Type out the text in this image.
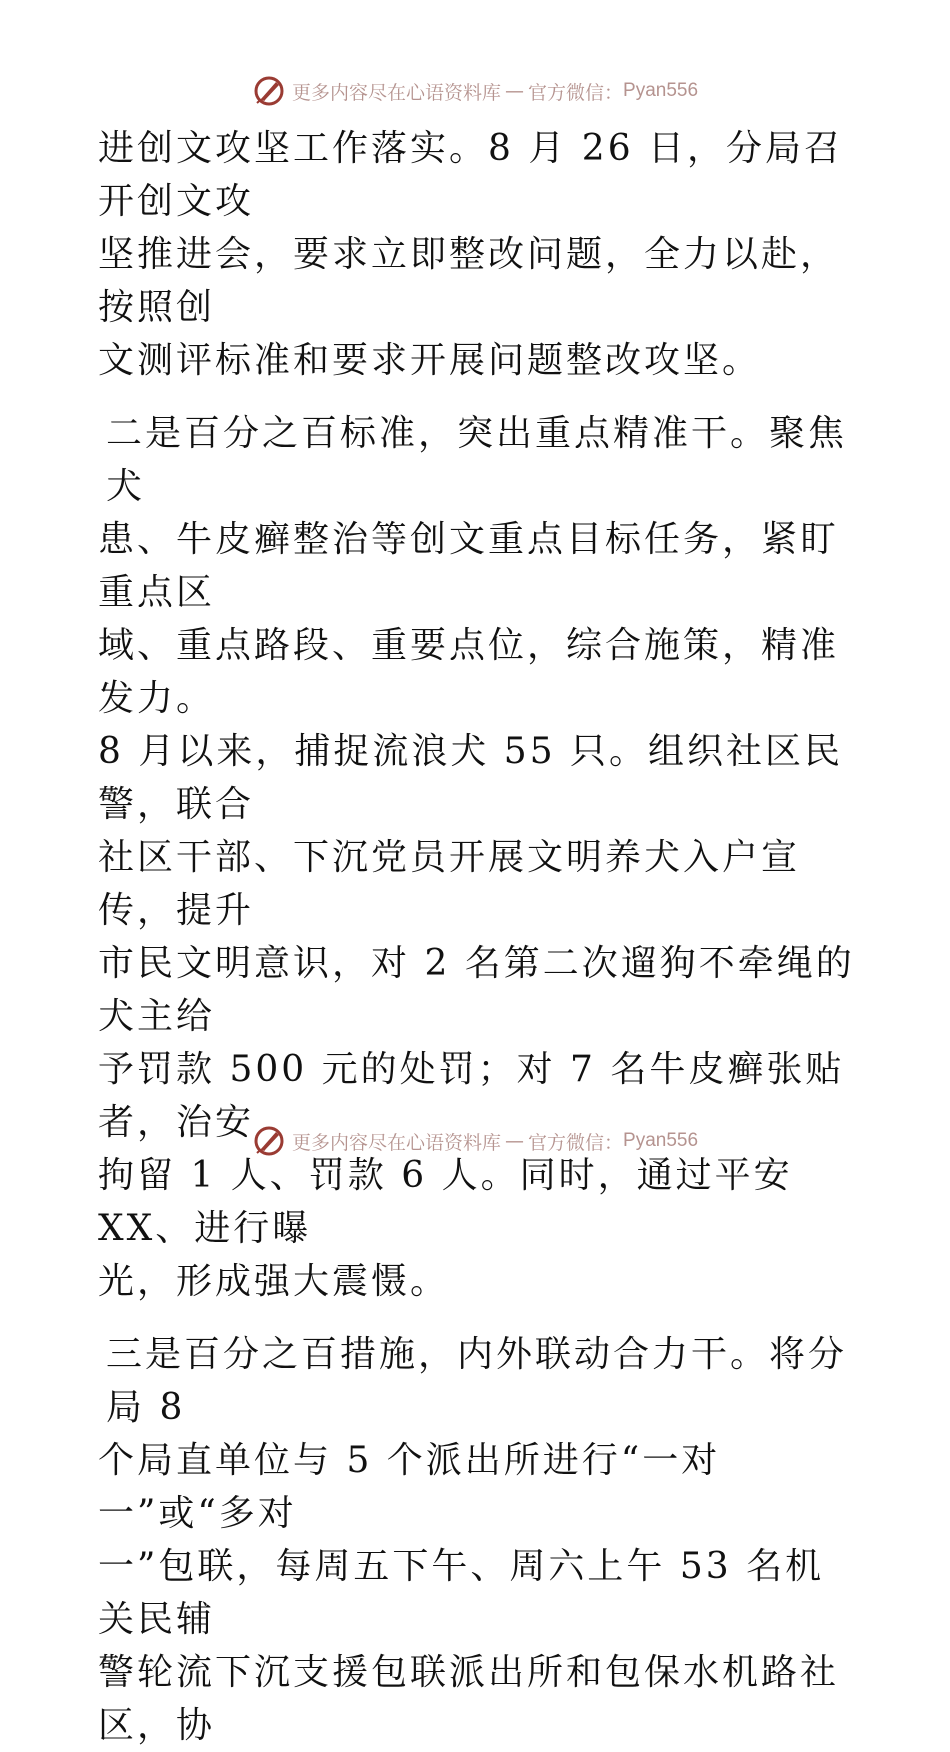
更多内容尽在心语资料库 — 官方微信 ： Pyan556

进创文攻坚工作落实。8 月 26 日，分局召开创文攻

坚推进会，要求立即整改问题，全力以赴，按照创

文测评标准和要求开展问题整改攻坚。

二是百分之百标准，突出重点精准干。聚焦犬

患、牛皮癣整治等创文重点目标任务，紧盯重点区

域、重点路段、重要点位，综合施策，精准发力。

8 月以来，捕捉流浪犬 55 只。组织社区民警，联合

社区干部、下沉党员开展文明养犬入户宣传，提升

市民文明意识，对 2 名第二次遛狗不牵绳的犬主给

予罚款 500 元的处罚；对 7 名牛皮癣张贴者，治安

拘留 1 人、罚款 6 人。同时，通过平安 XX、进行曝

光，形成强大震慑。

三是百分之百措施，内外联动合力干。将分局 8

个局直单位与 5 个派出所进行“一对一”或“多对

一”包联，每周五下午、周六上午 53 名机关民辅

警轮流下沉支援包联派出所和包保水机路社区，协

更多内容尽在心语资料库 — 官方微信 ： Pyan556
